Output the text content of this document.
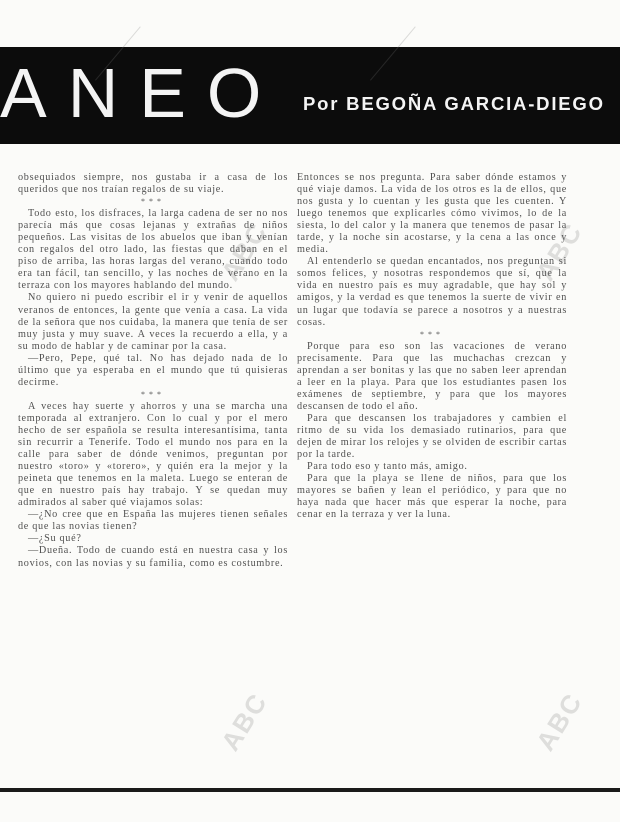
ANEO Por BEGOÑA GARCIA-DIEGO

obsequiados siempre, nos gustaba ir a casa de los queridos que nos traían regalos de su viaje.

***

Todo esto, los disfraces, la larga cadena de ser no nos parecía más que cosas lejanas y extrañas de niños pequeños. Las visitas de los abuelos que iban y venían con regalos del otro lado, las fiestas que daban en el piso de arriba, las horas largas del verano, cuando todo era tan fácil, tan sencillo, y las noches de verano en la terraza con los mayores hablando del mundo.

No quiero ni puedo escribir el ir y venir de aquellos veranos de entonces, la gente que venía a casa. La vida de la señora que nos cuidaba, la manera que tenía de ser muy justa y muy suave. A veces la recuerdo a ella, y a su modo de hablar y de caminar por la casa.

—Pero, Pepe, qué tal. No has dejado nada de lo último que ya esperaba en el mundo que tú quisieras decirme.

***

A veces hay suerte y ahorros y una se marcha una temporada al extranjero. Con lo cual y por el mero hecho de ser española se resulta interesantísima, tanta sin recurrir a Tenerife. Todo el mundo nos para en la calle para saber de dónde venimos, preguntan por nuestro «toro» y «torero», y quién era la mejor y la peineta que tenemos en la maleta. Luego se enteran de que en nuestro país hay trabajo. Y se quedan muy admirados al saber qué viajamos solas:

—¿No cree que en España las mujeres tienen señales de que las novias tienen?

—¿Su qué?

—Dueña. Todo de cuando está en nuestra casa y los novios, con las novias y su familia, como es costumbre.

Entonces se nos pregunta. Para saber dónde estamos y qué viaje damos. La vida de los otros es la de ellos, que nos gusta y lo cuentan y les gusta que les cuenten. Y luego tenemos que explicarles cómo vivimos, lo de la siesta, lo del calor y la manera que tenemos de pasar la tarde, y la noche sin acostarse, y la cena a las once y media.

Al entenderlo se quedan encantados, nos preguntan si somos felices, y nosotras respondemos que sí, que la vida en nuestro país es muy agradable, que hay sol y amigos, y la verdad es que tenemos la suerte de vivir en un lugar que todavía se parece a nosotros y a nuestras cosas.

***

Porque para eso son las vacaciones de verano precisamente. Para que las muchachas crezcan y aprendan a ser bonitas y las que no saben leer aprendan a leer en la playa. Para que los estudiantes pasen los exámenes de septiembre, y para que los mayores descansen de todo el año.

Para que descansen los trabajadores y cambien el ritmo de su vida los demasiado rutinarios, para que dejen de mirar los relojes y se olviden de escribir cartas por la tarde.

Para todo eso y tanto más, amigo.

Para que la playa se llene de niños, para que los mayores se bañen y lean el periódico, y para que no haya nada que hacer más que esperar la noche, para cenar en la terraza y ver la luna.

ABC	ABC
ABC	ABC
